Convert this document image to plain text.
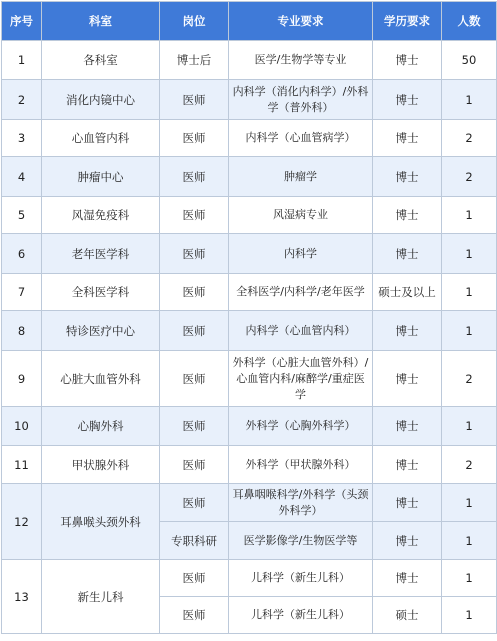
序号	科室	岗位	专业要求	学历要求	人数
1	各科室	博士后	医学/生物学等专业	博士	50
2	消化内镜中心	医师	内科学（消化内科学）/外科学（普外科）	博士	1
3	心血管内科	医师	内科学（心血管病学）	博士	2
4	肿瘤中心	医师	肿瘤学	博士	2
5	风湿免疫科	医师	风湿病专业	博士	1
6	老年医学科	医师	内科学	博士	1
7	全科医学科	医师	全科医学/内科学/老年医学	硕士及以上	1
8	特诊医疗中心	医师	内科学（心血管内科）	博士	1
9	心脏大血管外科	医师	外科学（心脏大血管外科）/心血管内科/麻醉学/重症医学	博士	2
10	心胸外科	医师	外科学（心胸外科学）	博士	1
11	甲状腺外科	医师	外科学（甲状腺外科）	博士	2
12	耳鼻喉头颈外科	医师	耳鼻咽喉科学/外科学（头颈外科学）	博士	1
		专职科研	医学影像学/生物医学等	博士	1
13	新生儿科	医师	儿科学（新生儿科）	博士	1
		医师	儿科学（新生儿科）	硕士	1
